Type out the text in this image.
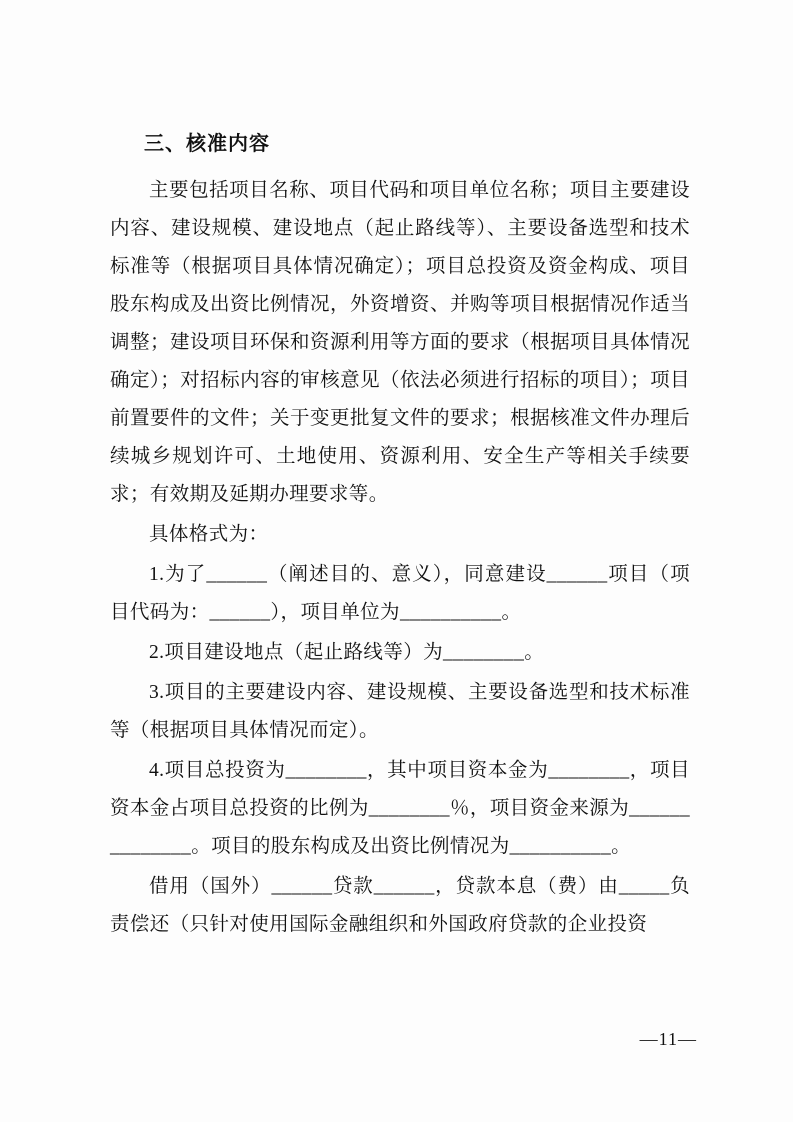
三、核准内容

主要包括项目名称、项目代码和项目单位名称；项目主要建设内容、建设规模、建设地点（起止路线等）、主要设备选型和技术标准等（根据项目具体情况确定）；项目总投资及资金构成、项目股东构成及出资比例情况，外资增资、并购等项目根据情况作适当调整；建设项目环保和资源利用等方面的要求（根据项目具体情况确定）；对招标内容的审核意见（依法必须进行招标的项目）；项目前置要件的文件；关于变更批复文件的要求；根据核准文件办理后续城乡规划许可、土地使用、资源利用、安全生产等相关手续要求；有效期及延期办理要求等。

具体格式为：

1.为了______（阐述目的、意义），同意建设______项目（项目代码为：______），项目单位为__________。

2.项目建设地点（起止路线等）为________。

3.项目的主要建设内容、建设规模、主要设备选型和技术标准等（根据项目具体情况而定）。

4.项目总投资为________，其中项目资本金为________，项目资本金占项目总投资的比例为________％，项目资金来源为______________。项目的股东构成及出资比例情况为__________。

借用（国外）______贷款______，贷款本息（费）由_____负责偿还（只针对使用国际金融组织和外国政府贷款的企业投资

—11—
